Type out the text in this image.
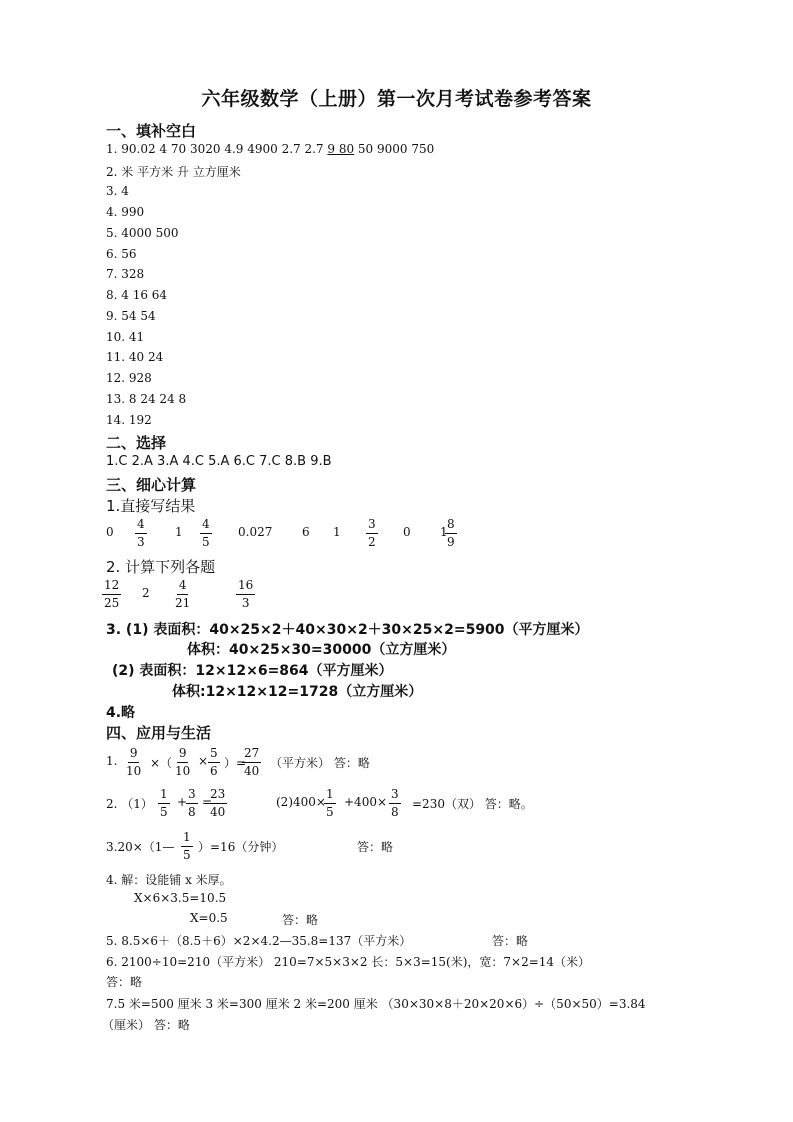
六年级数学（上册）第一次月考试卷参考答案
一、填补空白
1. 90.02 4 70 3020 4.9 4900 2.7 2.7 9 80 50 9000 750
2. 米 平方米 升 立方厘米
3. 4
4. 990
5. 4000 500
6. 56
7. 328
8. 4 16 64
9. 54 54
10. 41
11. 40 24
12. 928
13. 8 24 24 8
14. 192
二、选择
1.C 2.A 3.A 4.C 5.A 6.C 7.C 8.B 9.B
三、细心计算
1.直接写结果
$0 \frac{4}{3} 1 \frac{4}{5} 0.027$ 6 $1 \frac{3}{2} 0$ 1
$\frac{8}{9}$
2. 计算下列各题
$\frac{12}{25} 2 \frac{4}{21}$	$\frac{16}{3}$
3. (1) 表面积：40×25×2＋40×30×2＋30×25×2=5900（平方厘米）
体积：40×25×30=30000（立方厘米）
(2) 表面积：12×12×6=864（平方厘米）
体积:12×12×12=1728（立方厘米）
4.略
四、应用与生活
1. $\frac{9}{10}$ ×（ $\frac{9}{10} \times \frac{5}{6}$ ）=
$\frac{27}{40}$ （平方米） 答：略
2. $(1) \frac{1}{5}$ +
$\frac{3}{8}$ =
$\frac{23}{40}$	(2)400×
$\frac{1}{5} +400\times \frac{3}{8} =230$（双） 答：略。
3.20×（1— $\frac{1}{5} )=16$（分钟）	答：略
4. 解：设能铺 x 米厚。
X×6×3.5=10.5
X=0.5	答：略
5. 8.5×6＋（8.5＋6）×2×4.2—35.8=137（平方米）	答：略
6. 2100÷10=210（平方米） 210=7×5×3×2 长：5×3=15(米)，宽：7×2=14（米）
答：略
7.5 米=500 厘米 3 米=300 厘米 2 米=200 厘米 （30×30×8＋20×20×6）÷（50×50）=3.84
（厘米） 答：略
